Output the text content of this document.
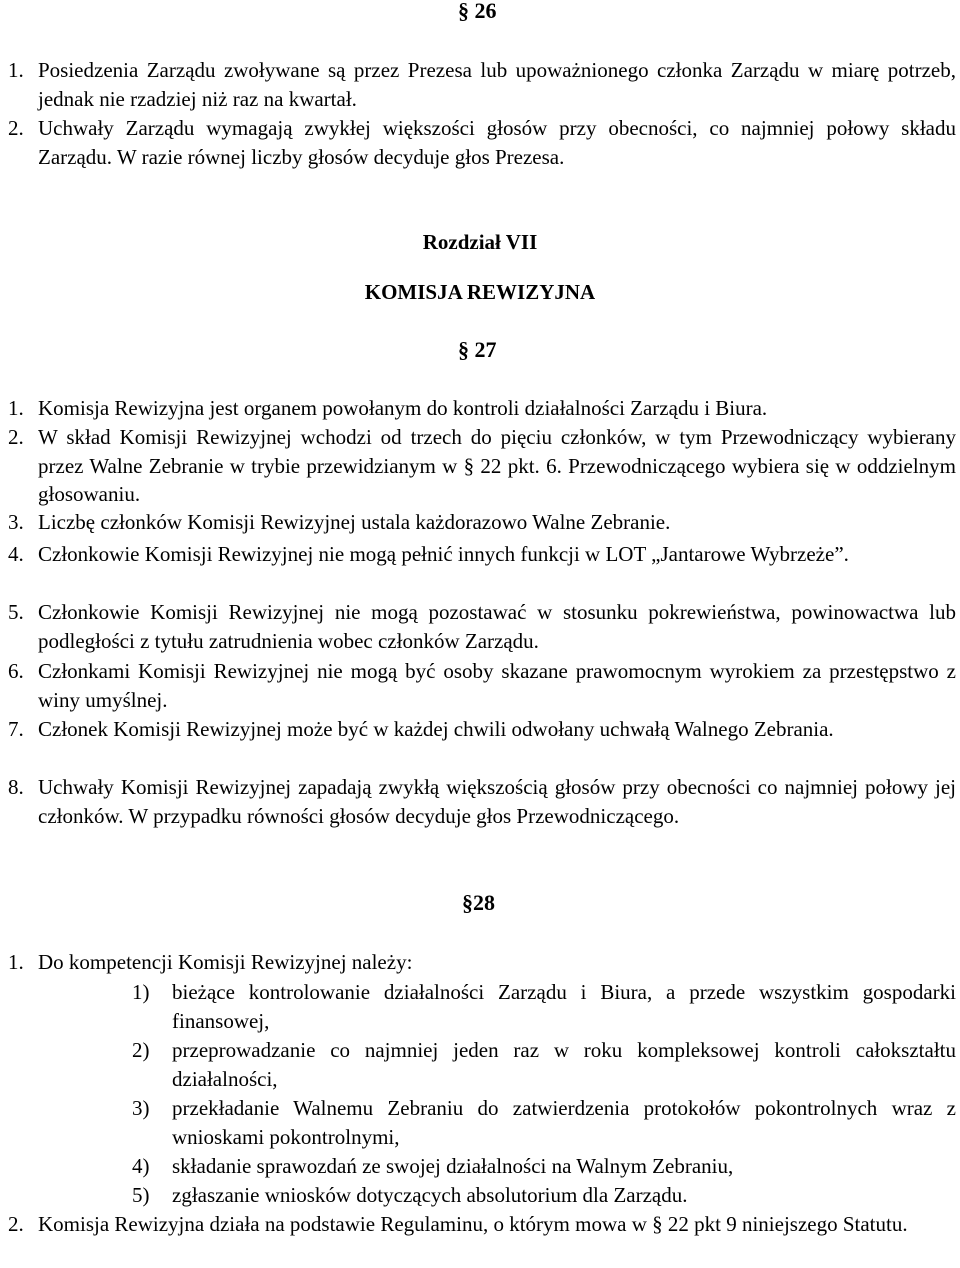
§ 26
1. Posiedzenia Zarządu zwoływane są przez Prezesa lub upoważnionego członka Zarządu w miarę potrzeb, jednak nie rzadziej niż raz na kwartał.
2. Uchwały Zarządu wymagają zwykłej większości głosów przy obecności, co najmniej połowy składu Zarządu. W razie równej liczby głosów decyduje głos Prezesa.
Rozdział VII
KOMISJA REWIZYJNA
§ 27
1. Komisja Rewizyjna jest organem powołanym do kontroli działalności Zarządu i Biura.
2. W skład Komisji Rewizyjnej wchodzi od trzech do pięciu członków, w tym Przewodniczący wybierany przez Walne Zebranie w trybie przewidzianym w § 22 pkt. 6. Przewodniczącego wybiera się w oddzielnym głosowaniu.
3. Liczbę członków Komisji Rewizyjnej ustala każdorazowo Walne Zebranie.
4. Członkowie Komisji Rewizyjnej nie mogą pełnić innych funkcji w LOT „Jantarowe Wybrzeże”.
5. Członkowie Komisji Rewizyjnej nie mogą pozostawać w stosunku pokrewieństwa, powinowactwa lub podległości z tytułu zatrudnienia wobec członków Zarządu.
6. Członkami Komisji Rewizyjnej nie mogą być osoby skazane prawomocnym wyrokiem za przestępstwo z winy umyślnej.
7. Członek Komisji Rewizyjnej może być w każdej chwili odwołany uchwałą Walnego Zebrania.
8. Uchwały Komisji Rewizyjnej zapadają zwykłą większością głosów przy obecności co najmniej połowy jej członków. W przypadku równości głosów decyduje głos Przewodniczącego.
§28
1. Do kompetencji Komisji Rewizyjnej należy:
1) bieżące kontrolowanie działalności Zarządu i Biura, a przede wszystkim gospodarki finansowej,
2) przeprowadzanie co najmniej jeden raz w roku kompleksowej kontroli całokształtu działalności,
3) przekładanie Walnemu Zebraniu do zatwierdzenia protokołów pokontrolnych wraz z wnioskami pokontrolnymi,
4) składanie sprawozdań ze swojej działalności na Walnym Zebraniu,
5) zgłaszanie wniosków dotyczących absolutorium dla Zarządu.
2. Komisja Rewizyjna działa na podstawie Regulaminu, o którym mowa w § 22 pkt 9 niniejszego Statutu.
